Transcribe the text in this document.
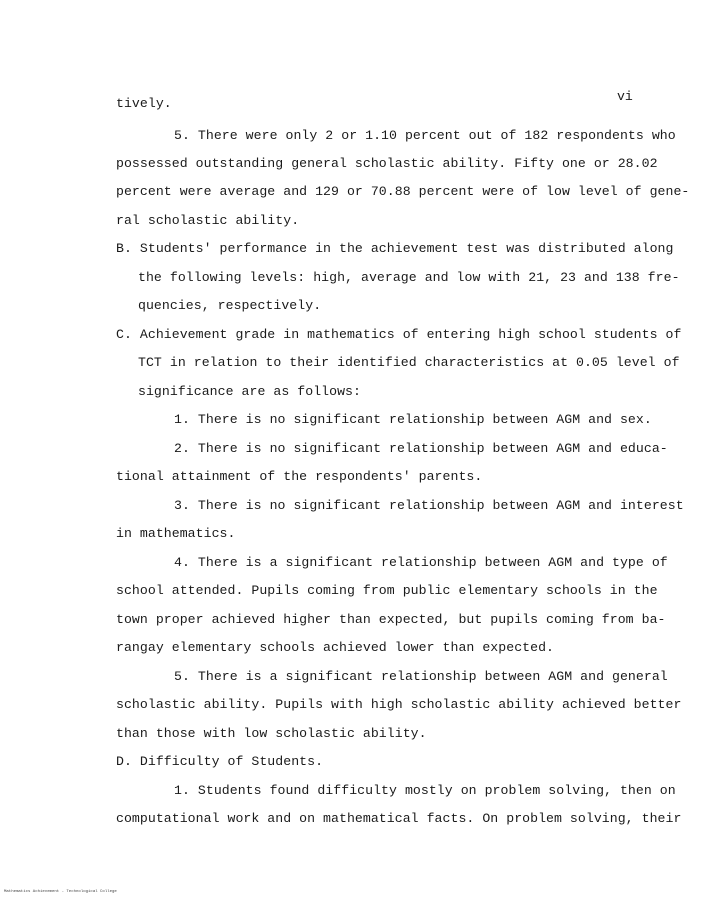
vi
tively.
5. There were only 2 or 1.10 percent out of 182 respondents who
possessed outstanding general scholastic ability. Fifty one or 28.02
percent were average and 129 or 70.88 percent were of low level of gene-
ral scholastic ability.
B. Students' performance in the achievement test was distributed along
the following levels: high, average and low with 21, 23 and 138 fre-
quencies, respectively.
C. Achievement grade in mathematics of entering high school students of
TCT in relation to their identified characteristics at 0.05 level of
significance are as follows:
1. There is no significant relationship between AGM and sex.
2. There is no significant relationship between AGM and educa-
tional attainment of the respondents' parents.
3. There is no significant relationship between AGM and interest
in mathematics.
4. There is a significant relationship between AGM and type of
school attended. Pupils coming from public elementary schools in the
town proper achieved higher than expected, but pupils coming from ba-
rangay elementary schools achieved lower than expected.
5. There is a significant relationship between AGM and general
scholastic ability. Pupils with high scholastic ability achieved better
than those with low scholastic ability.
D. Difficulty of Students.
1. Students found difficulty mostly on problem solving, then on
computational work and on mathematical facts. On problem solving, their
Mathematics Achievement - Technological College
